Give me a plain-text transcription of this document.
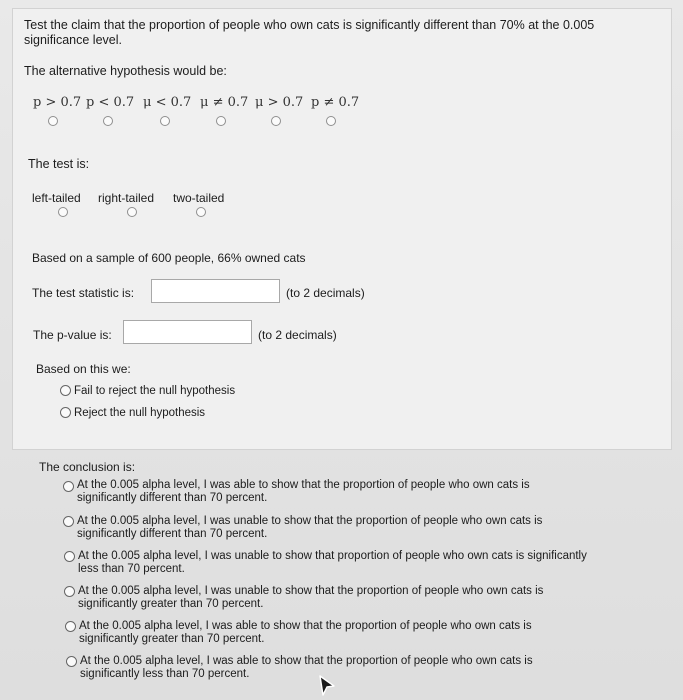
Test the claim that the proportion of people who own cats is significantly different than 70% at the 0.005
significance level.
The alternative hypothesis would be:
p > 0.7 p < 0.7 μ < 0.7 μ ≠ 0.7 μ > 0.7 p ≠ 0.7
The test is:
left-tailed right-tailed two-tailed
Based on a sample of 600 people, 66% owned cats
The test statistic is:	(to 2 decimals)
The p-value is:	(to 2 decimals)
Based on this we:
Fail to reject the null hypothesis
Reject the null hypothesis
The conclusion is:
At the 0.005 alpha level, I was able to show that the proportion of people who own cats is
significantly different than 70 percent.
At the 0.005 alpha level, I was unable to show that the proportion of people who own cats is
significantly different than 70 percent.
At the 0.005 alpha level, I was unable to show that proportion of people who own cats is significantly
less than 70 percent.
At the 0.005 alpha level, I was unable to show that the proportion of people who own cats is
significantly greater than 70 percent.
At the 0.005 alpha level, I was able to show that the proportion of people who own cats is
significantly greater than 70 percent.
At the 0.005 alpha level, I was able to show that the proportion of people who own cats is
significantly less than 70 percent.
